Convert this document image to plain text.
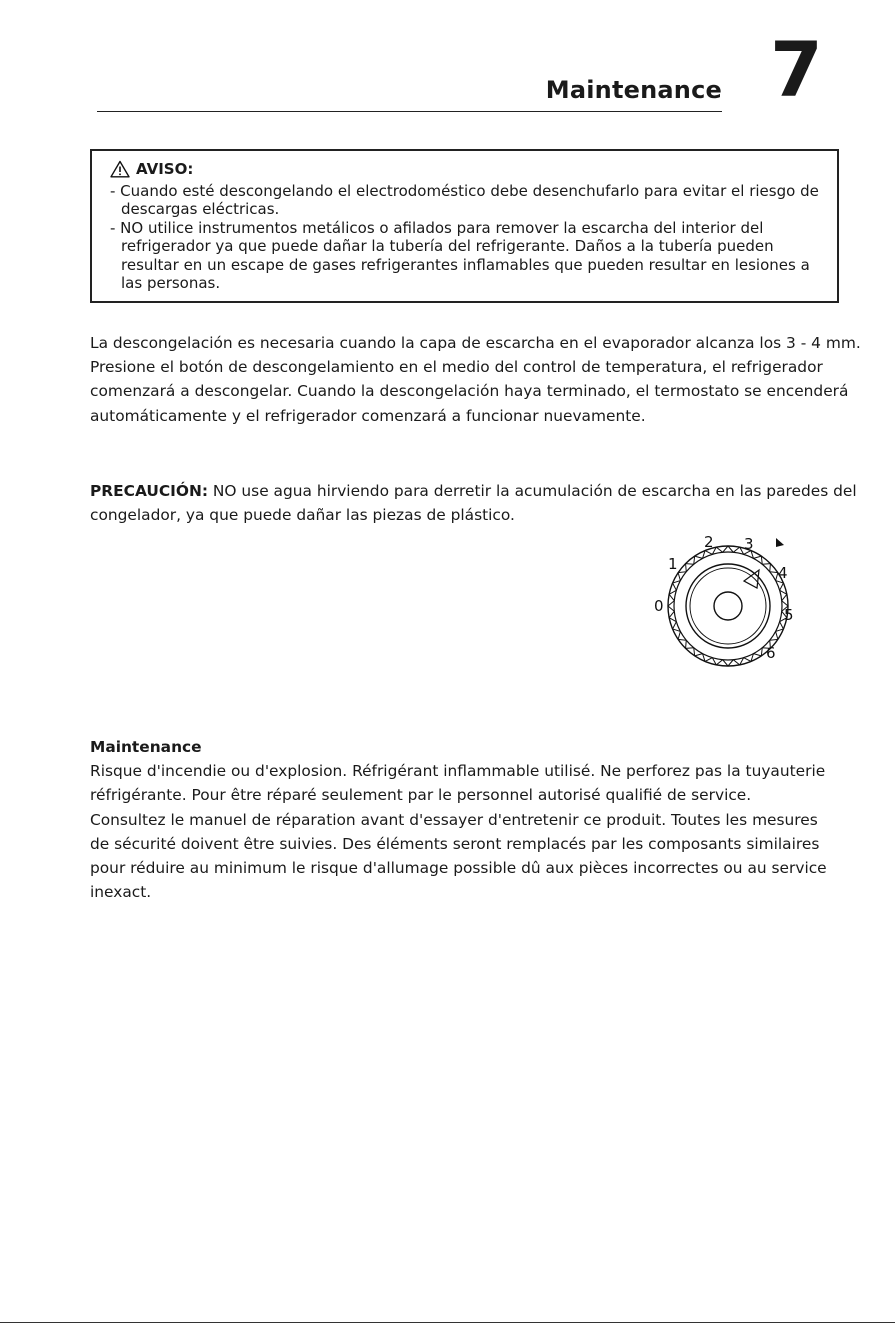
Maintenance 7
AVISO:
- Cuando esté descongelando el electrodoméstico debe desenchufarlo para evitar el riesgo de descargas eléctricas.
- NO utilice instrumentos metálicos o afilados para remover la escarcha del interior del refrigerador ya que puede dañar la tubería del refrigerante. Daños a la tubería pueden resultar en un escape de gases refrigerantes inflamables que pueden resultar en lesiones a las personas.
La descongelación es necesaria cuando la capa de escarcha en el evaporador alcanza los 3 - 4 mm. Presione el botón de descongelamiento en el medio del control de temperatura, el refrigerador comenzará a descongelar. Cuando la descongelación haya terminado, el termostato se encenderá automáticamente y el refrigerador comenzará a funcionar nuevamente.
PRECAUCIÓN: NO use agua hirviendo para derretir la acumulación de escarcha en las paredes del congelador, ya que puede dañar las piezas de plástico.
0
1
2 3
4
5
6
Maintenance
Risque d'incendie ou d'explosion. Réfrigérant inflammable utilisé. Ne perforez pas la tuyauterie réfrigérante. Pour être réparé seulement par le personnel autorisé qualifié de service. Consultez le manuel de réparation avant d'essayer d'entretenir ce produit. Toutes les mesures de sécurité doivent être suivies. Des éléments seront remplacés par les composants similaires pour réduire au minimum le risque d'allumage possible dû aux pièces incorrectes ou au service inexact.
